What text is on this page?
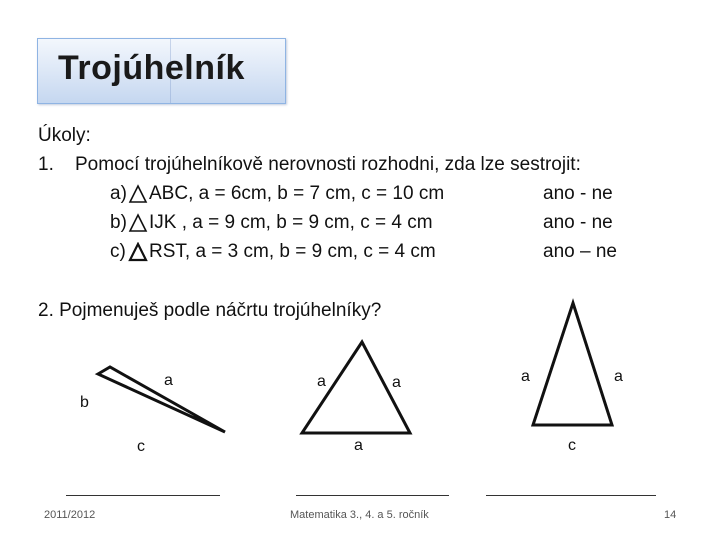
Trojúhelník
Úkoly:
1. Pomocí trojúhelníkově nerovnosti rozhodni, zda lze sestrojit:
a) ABC, a = 6cm, b = 7 cm, c = 10 cm	ano - ne
b) IJK , a = 9 cm, b = 9 cm, c = 4 cm	ano - ne
c) RST, a = 3 cm, b = 9 cm, c = 4 cm	ano – ne
2. Pojmenuješ podle náčrtu trojúhelníky?
a
b
c
a	a
a
a	a
c
2011/2012	Matematika 3., 4. a 5. ročník	14
